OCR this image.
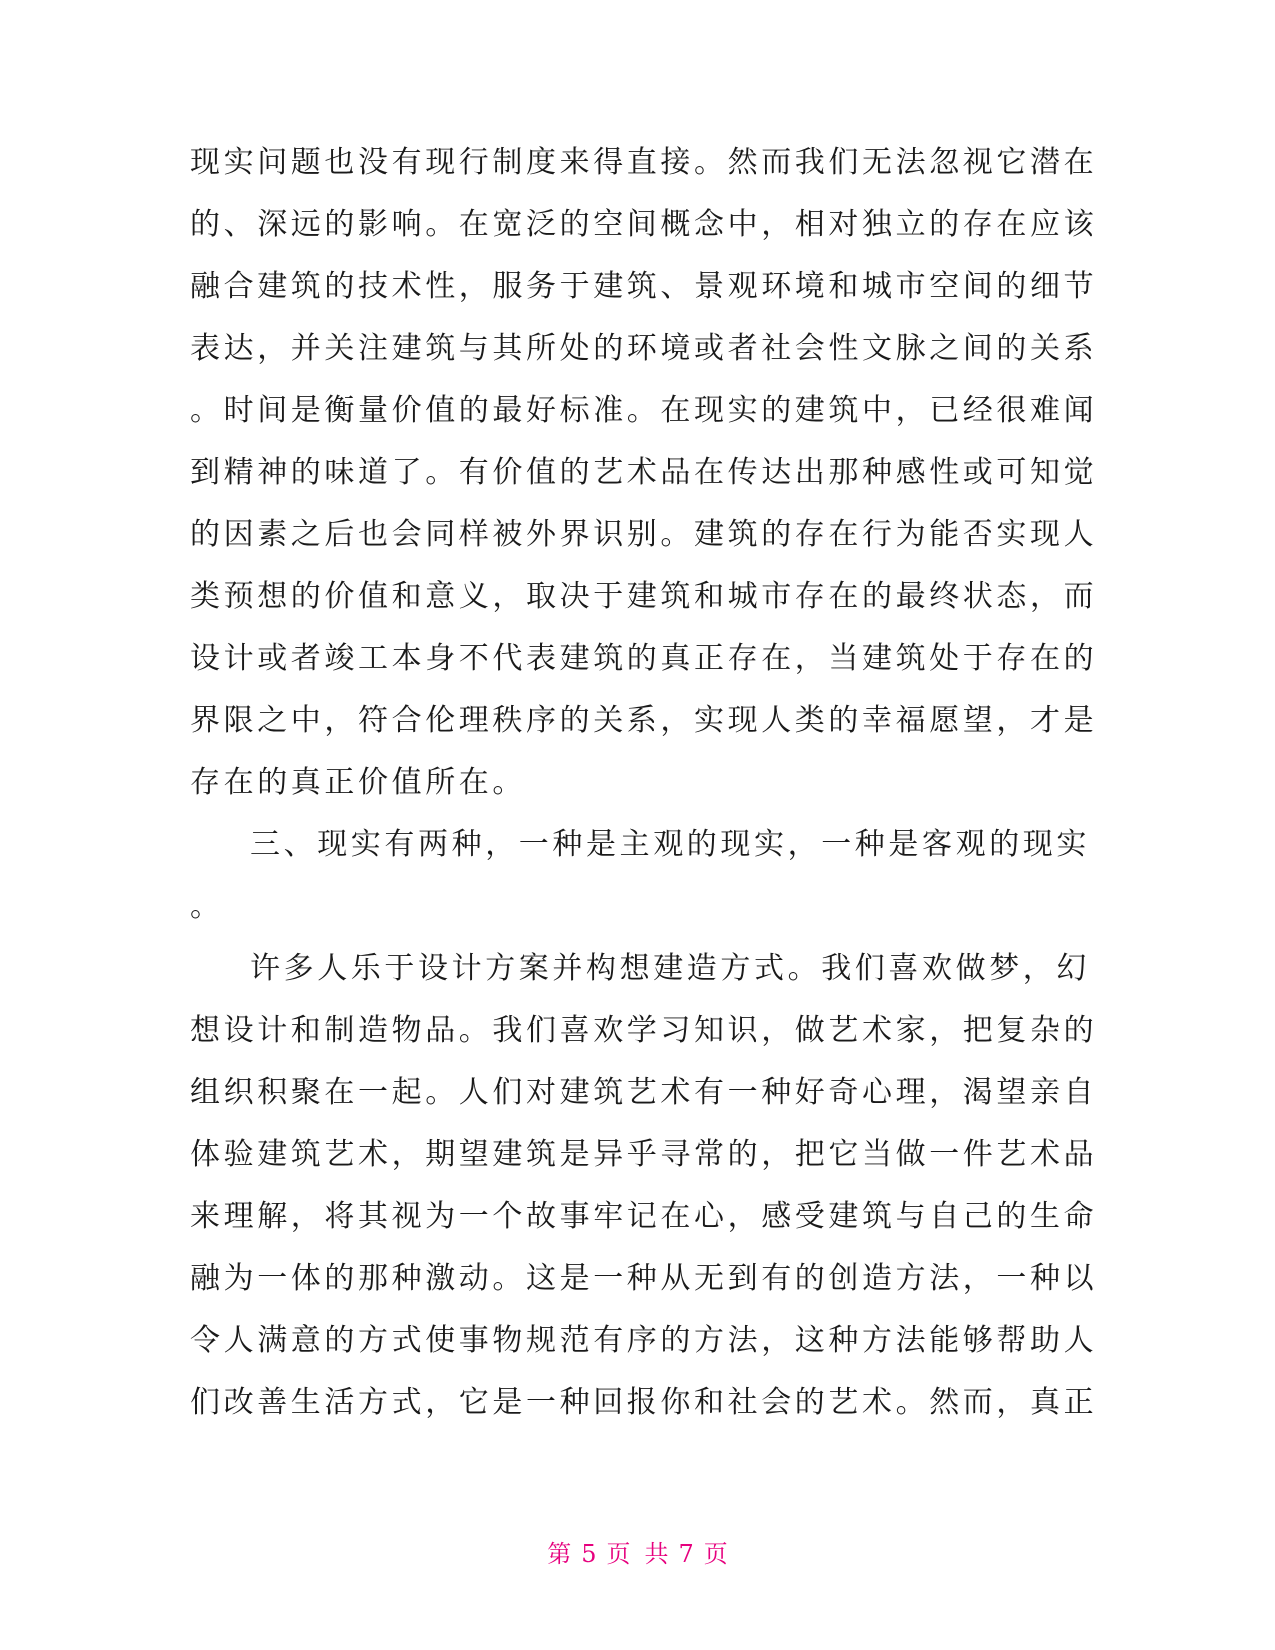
现实问题也没有现行制度来得直接。然而我们无法忽视它潜在
的、深远的影响。在宽泛的空间概念中，相对独立的存在应该
融合建筑的技术性，服务于建筑、景观环境和城市空间的细节
表达，并关注建筑与其所处的环境或者社会性文脉之间的关系
。时间是衡量价值的最好标准。在现实的建筑中，已经很难闻
到精神的味道了。有价值的艺术品在传达出那种感性或可知觉
的因素之后也会同样被外界识别。建筑的存在行为能否实现人
类预想的价值和意义，取决于建筑和城市存在的最终状态，而
设计或者竣工本身不代表建筑的真正存在，当建筑处于存在的
界限之中，符合伦理秩序的关系，实现人类的幸福愿望，才是
存在的真正价值所在。
三、现实有两种，一种是主观的现实，一种是客观的现实
。
许多人乐于设计方案并构想建造方式。我们喜欢做梦，幻
想设计和制造物品。我们喜欢学习知识，做艺术家，把复杂的
组织积聚在一起。人们对建筑艺术有一种好奇心理，渴望亲自
体验建筑艺术，期望建筑是异乎寻常的，把它当做一件艺术品
来理解，将其视为一个故事牢记在心，感受建筑与自己的生命
融为一体的那种激动。这是一种从无到有的创造方法，一种以
令人满意的方式使事物规范有序的方法，这种方法能够帮助人
们改善生活方式，它是一种回报你和社会的艺术。然而，真正
第 5 页 共 7 页
